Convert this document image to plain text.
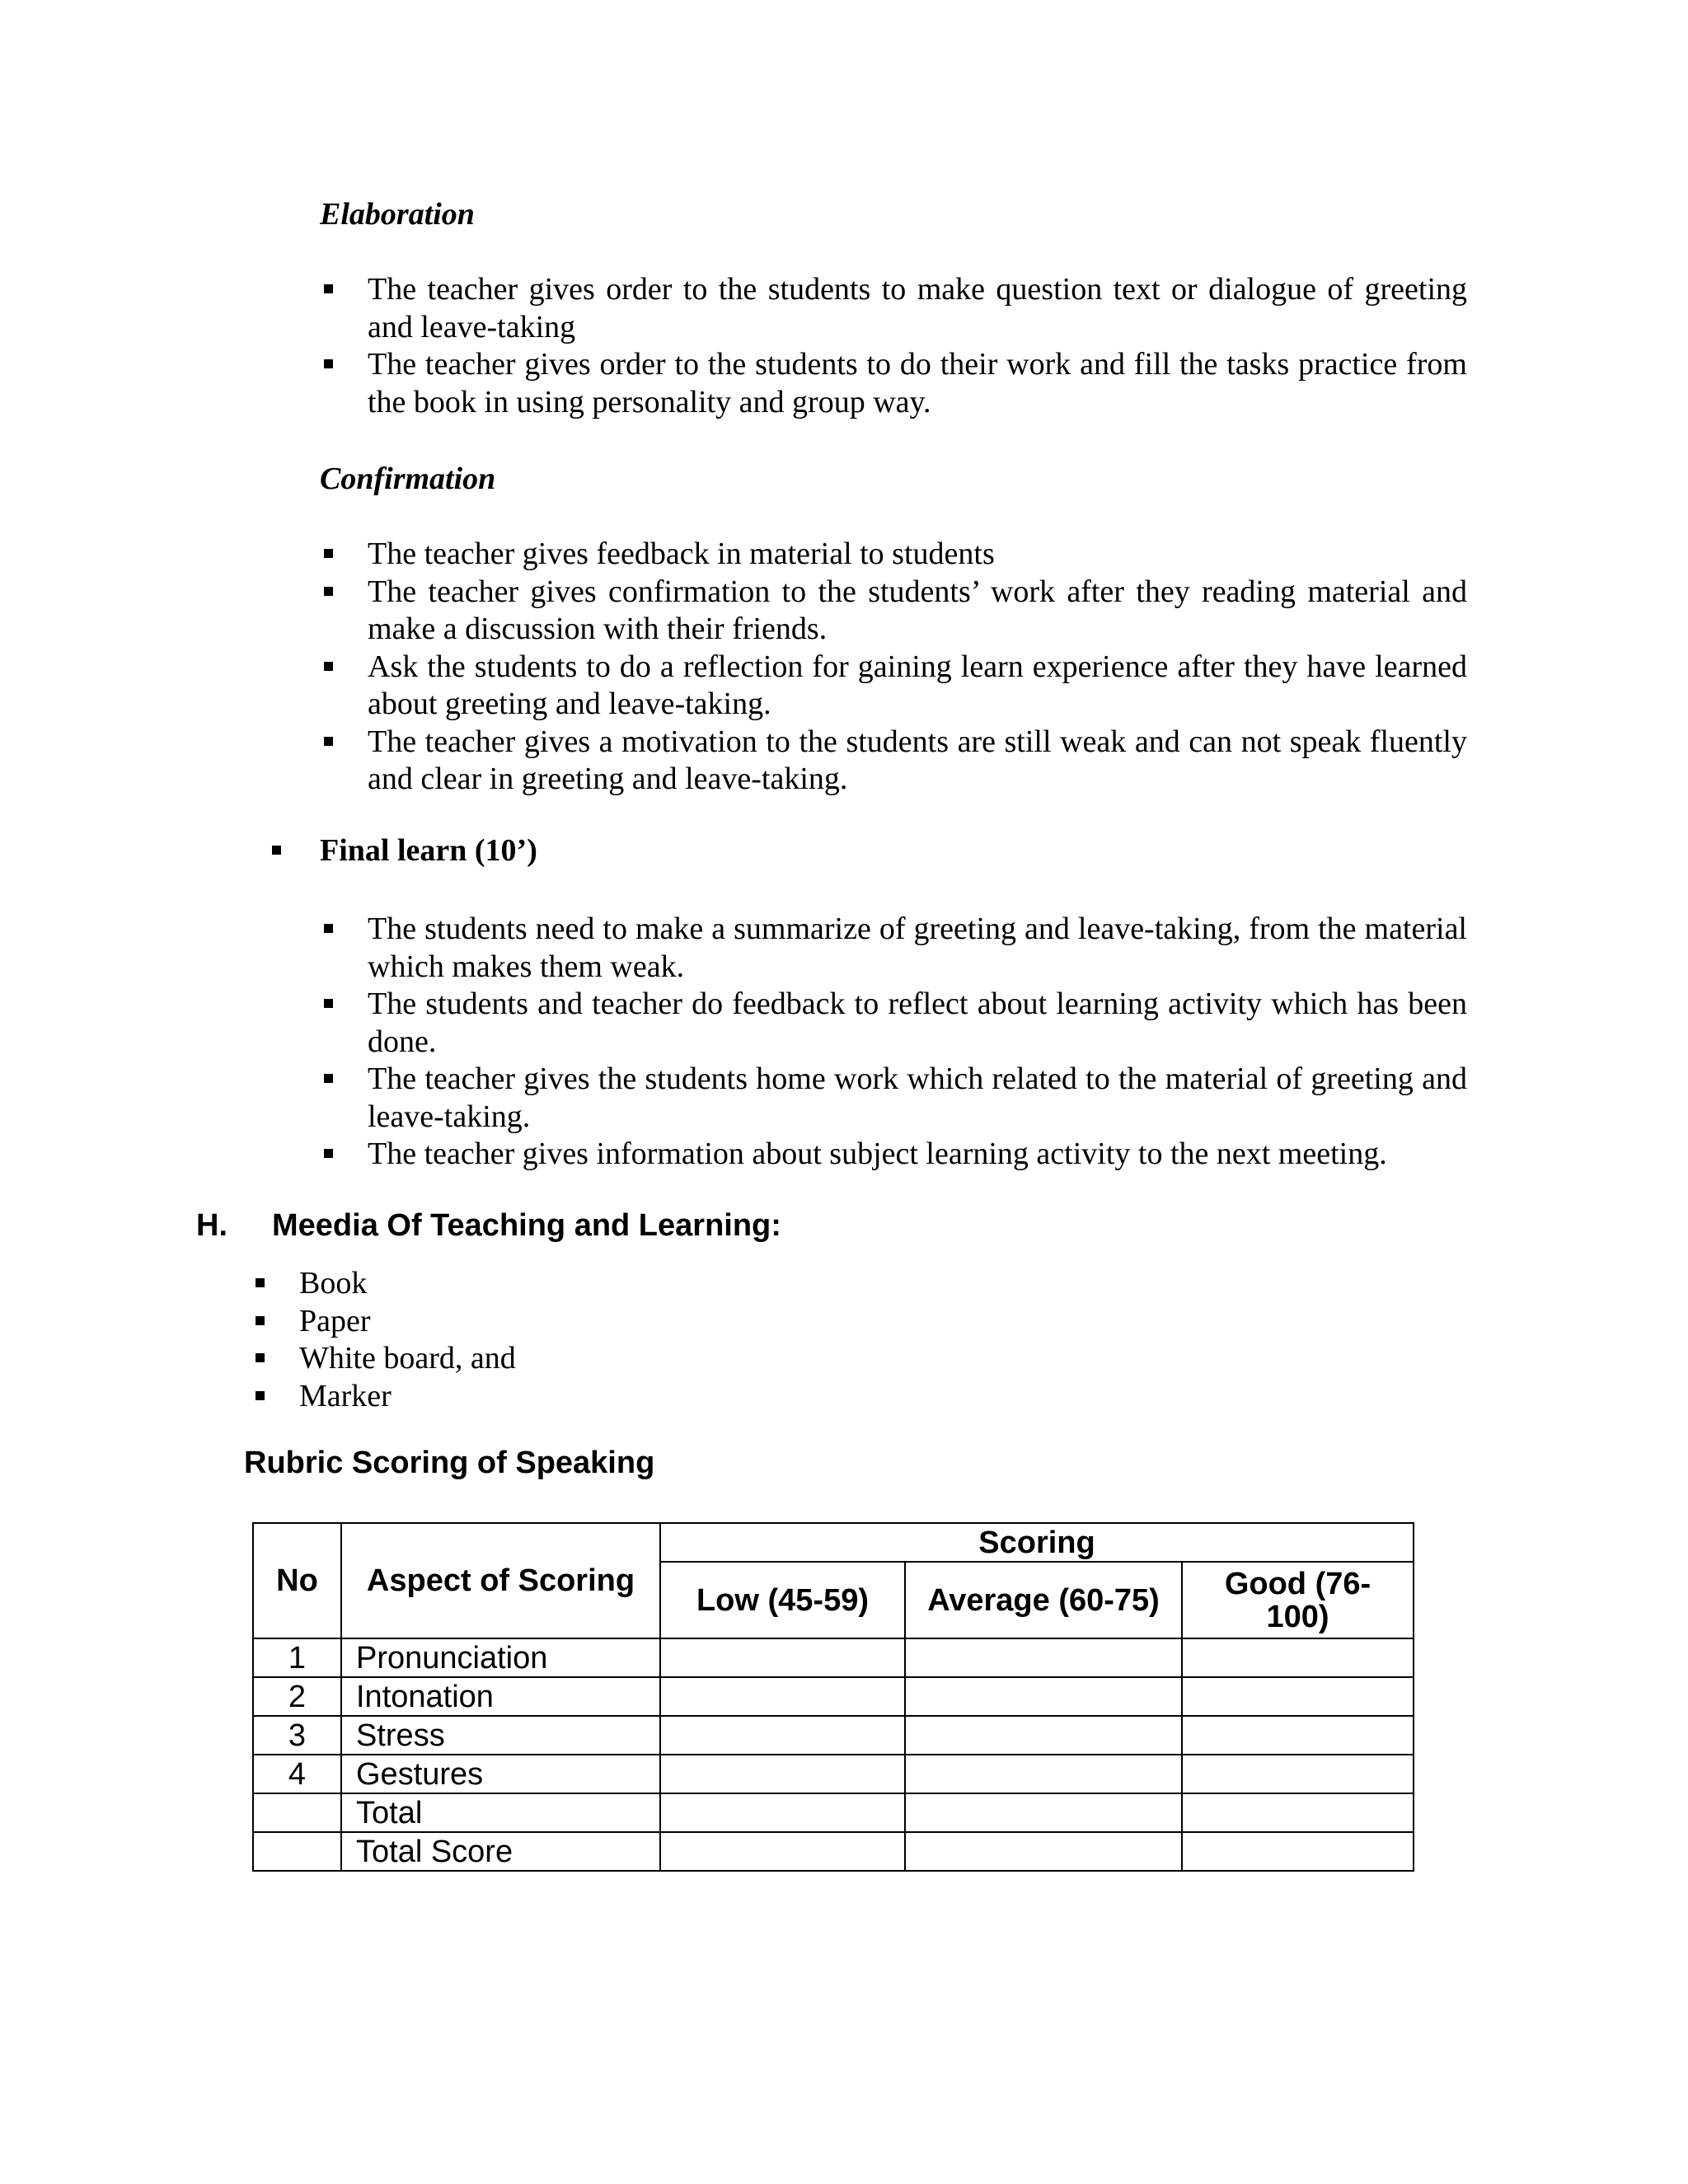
Elaboration
The teacher gives order to the students to make question text or dialogue of greeting and leave-taking
The teacher gives order to the students to do their work and fill the tasks practice from the book in using personality and group way.
Confirmation
The teacher gives feedback in material to students
The teacher gives confirmation to the students’ work after they reading material and make a discussion with their friends.
Ask the students to do a reflection for gaining learn experience after they have learned about greeting and leave-taking.
The teacher gives a motivation to the students are still weak and can not speak fluently and clear in greeting and leave-taking.
Final learn (10’)
The students need to make a summarize of greeting and leave-taking, from the material which makes them weak.
The students and teacher do feedback to reflect about learning activity which has been done.
The teacher gives the students home work which related to the material of greeting and leave-taking.
The teacher gives information about subject learning activity to the next meeting.
H. Meedia Of Teaching and Learning:
Book
Paper
White board, and
Marker
Rubric Scoring of Speaking
No	Aspect of Scoring	Scoring		
		Low (45-59)	Average (60-75)	Good (76-100)
1	Pronunciation			
2	Intonation			
3	Stress			
4	Gestures			
	Total			
	Total Score			
